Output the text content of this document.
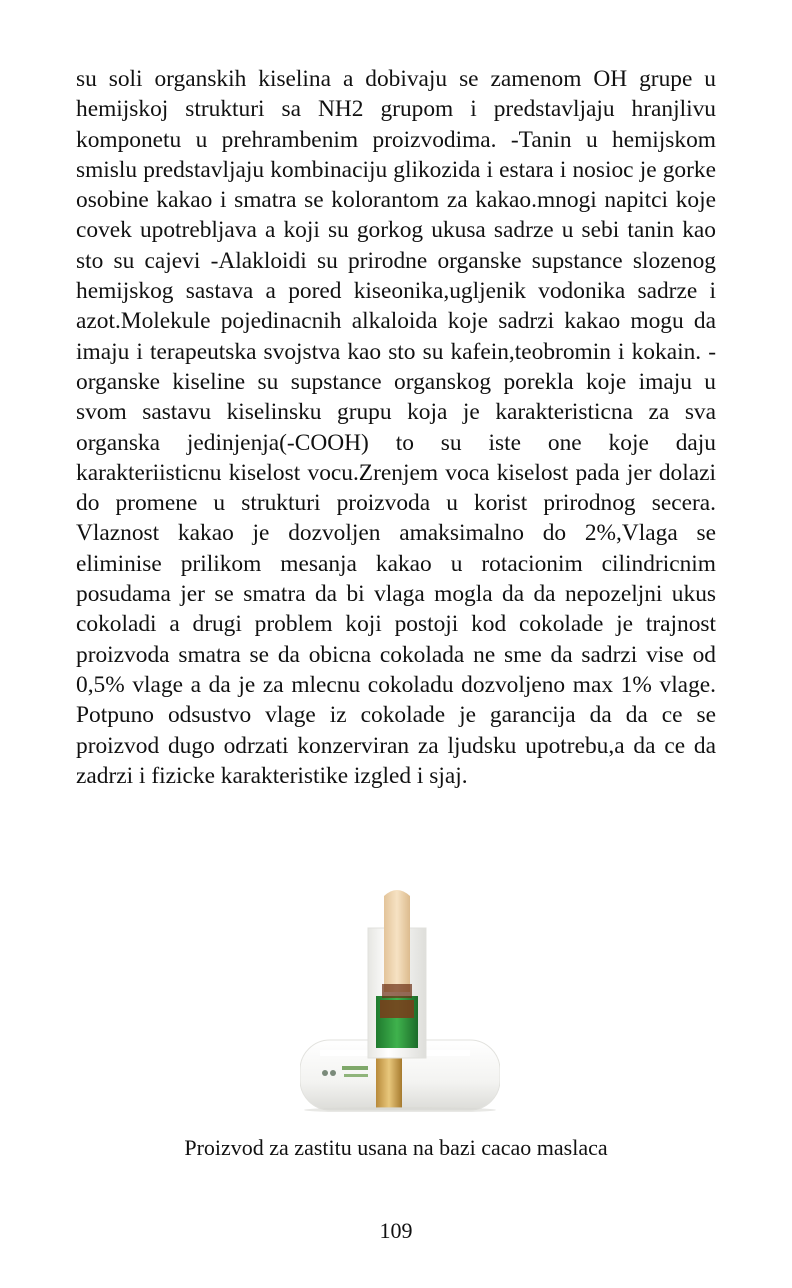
su soli organskih kiselina a dobivaju se zamenom OH grupe u hemijskoj strukturi sa NH2 grupom i predstavljaju hranjlivu komponetu u prehrambenim proizvodima. -Tanin u hemijskom smislu predstavljaju kombinaciju glikozida i estara i nosioc je gorke osobine kakao i smatra se kolorantom za kakao.mnogi napitci koje covek upotrebljava a koji su gorkog ukusa sadrze u sebi tanin kao sto su cajevi -Alakloidi su prirodne organske supstance slozenog hemijskog sastava a pored kiseonika,ugljenik vodonika sadrze i azot.Molekule pojedinacnih alkaloida koje sadrzi kakao mogu da imaju i terapeutska svojstva kao sto su kafein,teobromin i kokain. -organske kiseline su supstance organskog porekla koje imaju u svom sastavu kiselinsku grupu koja je karakteristicna za sva organska jedinjenja(-COOH) to su iste one koje daju karakteriisticnu kiselost vocu.Zrenjem voca kiselost pada jer dolazi do promene u strukturi proizvoda u korist prirodnog secera. Vlaznost kakao je dozvoljen amaksimalno do 2%,Vlaga se eliminise prilikom mesanja kakao u rotacionim cilindricnim posudama jer se smatra da bi vlaga mogla da da nepozeljni ukus cokoladi a drugi problem koji postoji kod cokolade je trajnost proizvoda smatra se da obicna cokolada ne sme da sadrzi vise od 0,5% vlage a da je za mlecnu cokoladu dozvoljeno max 1% vlage. Potpuno odsustvo vlage iz cokolade je garancija da da ce se proizvod dugo odrzati konzerviran za ljudsku upotrebu,a da ce da zadrzi i fizicke karakteristike izgled i sjaj.

Proizvod za zastitu usana na bazi cacao maslaca

109
